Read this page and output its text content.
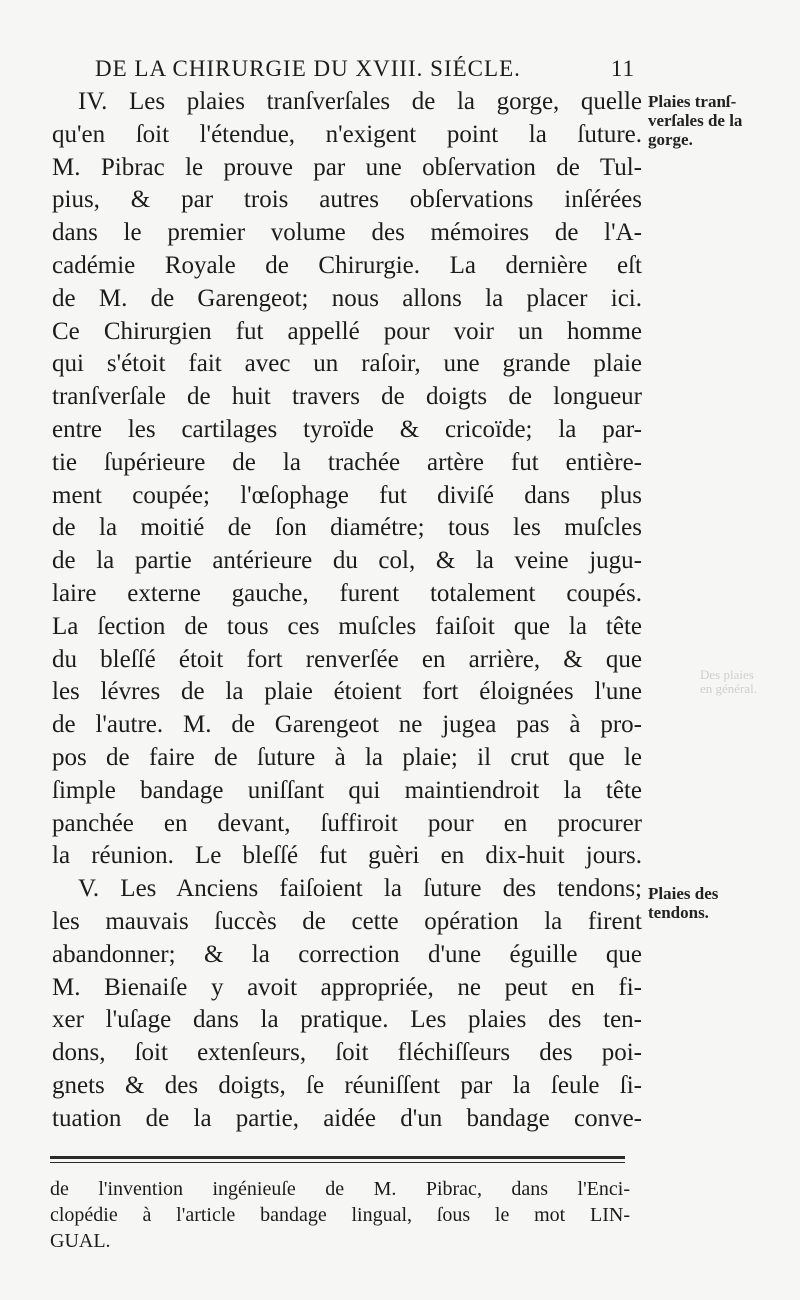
DE LA CHIRURGIE DU XVIII. SIÉCLE.	11
IV. Les plaies tranſverſales de la gorge, quelle
qu'en ſoit l'étendue, n'exigent point la ſuture.
M. Pibrac le prouve par une obſervation de Tul-
pius, & par trois autres obſervations inſérées
dans le premier volume des mémoires de l'A-
cadémie Royale de Chirurgie. La dernière eſt
de M. de Garengeot; nous allons la placer ici.
Ce Chirurgien fut appellé pour voir un homme
qui s'étoit fait avec un raſoir, une grande plaie
tranſverſale de huit travers de doigts de longueur
entre les cartilages tyroïde & cricoïde; la par-
tie ſupérieure de la trachée artère fut entière-
ment coupée; l'œſophage fut diviſé dans plus
de la moitié de ſon diamétre; tous les muſcles
de la partie antérieure du col, & la veine jugu-
laire externe gauche, furent totalement coupés.
La ſection de tous ces muſcles faiſoit que la tête
du bleſſé étoit fort renverſée en arrière, & que
les lévres de la plaie étoient fort éloignées l'une
de l'autre. M. de Garengeot ne jugea pas à pro-
pos de faire de ſuture à la plaie; il crut que le
ſimple bandage uniſſant qui maintiendroit la tête
panchée en devant, ſuffiroit pour en procurer
la réunion. Le bleſſé fut guèri en dix-huit jours.
V. Les Anciens faiſoient la ſuture des tendons;
les mauvais ſuccès de cette opération la firent
abandonner; & la correction d'une éguille que
M. Bienaiſe y avoit appropriée, ne peut en fi-
xer l'uſage dans la pratique. Les plaies des ten-
dons, ſoit extenſeurs, ſoit fléchiſſeurs des poi-
gnets & des doigts, ſe réuniſſent par la ſeule ſi-
tuation de la partie, aidée d'un bandage conve-
Plaies tranſ-
verſales de la
gorge.
Plaies des
tendons.
Des plaies
en général.
de l'invention ingénieuſe de M. Pibrac, dans l'Enci-
clopédie à l'article bandage lingual, ſous le mot LIN-
GUAL.
